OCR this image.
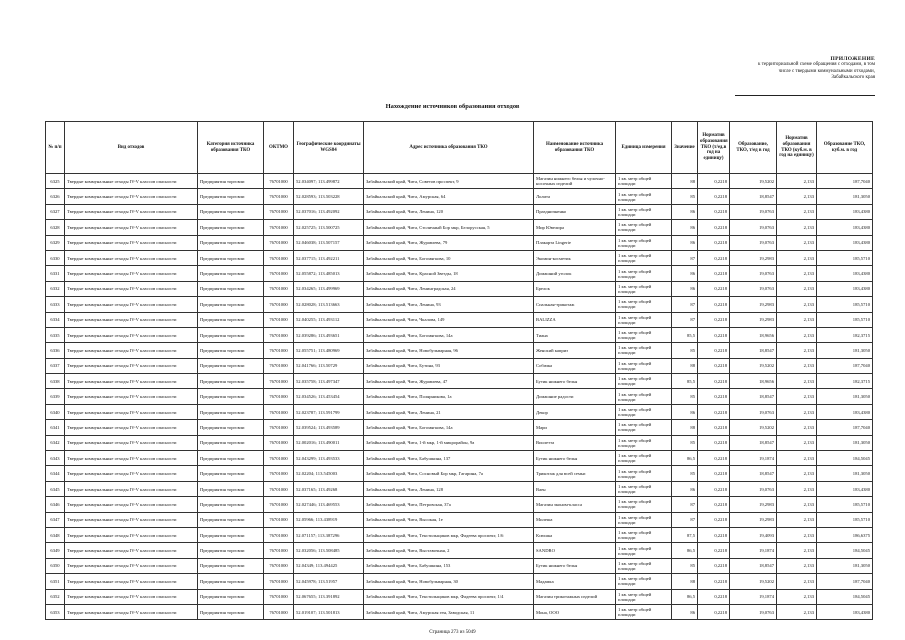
ПРИЛОЖЕНИЕ
к территориальной схеме обращения с отходами, в том
числе с твердыми коммунальными отходами,
Забайкальского края
Нахождение источников образования отходов
№ п/п	Вид отходов	Категория источника образования ТКО	ОКТМО	Географические координаты WGS84	Адрес источника образования ТКО	Наименование источника образования ТКО	Единица измерения	Значение	Норматив образования ТКО (т/ед.в год на единицу)	Образование, ТКО, т/ед в год	Норматив образования ТКО (куб.м. в год на единицу)	Образование ТКО, куб.м. в год
6325	Твердые коммунальные отходы IV-V классов опасности	Предприятия торговли	76701000	52.034097; 113.499872	Забайкальский край, Чита, Советов проспект, 9	Магазин нижнего белья и чулочно-носочных изделий	1 кв. метр общей площади	88	0,2218	19,5202	2,133	187,7040
6326	Твердые коммунальные отходы IV-V классов опасности	Предприятия торговли	76701000	52.028593; 113.503228	Забайкальский край, Чита, Амурская, 64	Лолита	1 кв. метр общей площади	85	0,2218	18,8547	2,133	181,3050
6327	Твердые коммунальные отходы IV-V классов опасности	Предприятия торговли	76701000	52.037016; 113.492092	Забайкальский край, Чита, Ленина, 120	Праздничненко	1 кв. метр общей площади	86	0,2218	19,0763	2,133	183,4380
6328	Твердые коммунальные отходы IV-V классов опасности	Предприятия торговли	76701000	52.025725; 113.500725	Забайкальский край, Чита, Столичный Бор мкр, Белорусская, 5	Мир Ювелира	1 кв. метр общей площади	86	0,2218	19,0763	2,133	183,4380
6329	Твердые коммунальные отходы IV-V классов опасности	Предприятия торговли	76701000	52.046038; 113.507157	Забайкальский край, Чита, Журавлева, 79	Плакарта Lingerie	1 кв. метр общей площади	86	0,2218	19,0763	2,133	183,4380
6330	Твердые коммунальные отходы IV-V классов опасности	Предприятия торговли	76701000	52.037715; 113.492211	Забайкальский край, Чита, Богомягкова, 10	Экомин-косметик	1 кв. метр общей площади	87	0,2218	19,2983	2,133	185,5710
6331	Твердые коммунальные отходы IV-V классов опасности	Предприятия торговли	76701000	52.055872; 113.485013	Забайкальский край, Чита, Красной Звезды, 18	Домашний уголок	1 кв. метр общей площади	86	0,2218	19,0763	2,133	183,4380
6332	Твердые коммунальные отходы IV-V классов опасности	Предприятия торговли	76701000	52.034265; 113.499969	Забайкальский край, Чита, Ленинградская, 24	Брелок	1 кв. метр общей площади	86	0,2218	19,0763	2,133	183,4380
6333	Твердые коммунальные отходы IV-V классов опасности	Предприятия торговли	76701000	52.028028; 113.513663	Забайкальский край, Чита, Ленина, 93	Спальная-трикотаж	1 кв. метр общей площади	87	0,2218	19,2983	2,133	185,5710
6334	Твердые коммунальные отходы IV-V классов опасности	Предприятия торговли	76701000	52.040255; 113.493112	Забайкальский край, Чита, Чкалова, 149	BALIZZA	1 кв. метр общей площади	87	0,2218	19,2983	2,133	185,5710
6335	Твердые коммунальные отходы IV-V классов опасности	Предприятия торговли	76701000	52.039286; 113.493651	Забайкальский край, Чита, Богомягкова, 14а	Тиана	1 кв. метр общей площади	85,5	0,2218	18,9656	2,133	182,3715
6336	Твердые коммунальные отходы IV-V классов опасности	Предприятия торговли	76701000	52.055751; 113.480969	Забайкальский край, Чита, Новобульварная, 96	Женский каприз	1 кв. метр общей площади	85	0,2218	18,8547	2,133	181,3050
6337	Твердые коммунальные отходы IV-V классов опасности	Предприятия торговли	76701000	52.041766; 113.50729	Забайкальский край, Чита, Бутина, 93	Собачка	1 кв. метр общей площади	88	0,2218	19,5202	2,133	187,7040
6338	Твердые коммунальные отходы IV-V классов опасности	Предприятия торговли	76701000	52.035758; 113.497347	Забайкальский край, Чита, Журавлева, 47	Бутик нижнего белья	1 кв. метр общей площади	85,5	0,2218	18,9656	2,133	182,3715
6339	Твердые коммунальные отходы IV-V классов опасности	Предприятия торговли	76701000	52.034526; 113.453454	Забайкальский край, Чита, Полярникова, 1а	Домашние радости	1 кв. метр общей площади	85	0,2218	18,8547	2,133	181,3050
6340	Твердые коммунальные отходы IV-V классов опасности	Предприятия торговли	76701000	52.023787; 113.591799	Забайкальский край, Чита, Ленина, 21	Декор	1 кв. метр общей площади	86	0,2218	19,0763	2,133	183,4380
6341	Твердые коммунальные отходы IV-V классов опасности	Предприятия торговли	76701000	52.039524; 113.493589	Забайкальский край, Чита, Богомягкова, 14а	Мари	1 кв. метр общей площади	88	0,2218	19,5202	2,133	187,7040
6342	Твердые коммунальные отходы IV-V классов опасности	Предприятия торговли	76701000	52.002016; 113.490011	Забайкальский край, Чита, 1-й мкр, 1-й микрорайон, 9а	Виолетта	1 кв. метр общей площади	85	0,2218	18,8547	2,133	181,3050
6343	Твердые коммунальные отходы IV-V классов опасности	Предприятия торговли	76701000	52.043299; 113.493533	Забайкальский край, Чита, Бабушкина, 137	Бутик нижнего белья	1 кв. метр общей площади	86,5	0,2218	19,1874	2,133	184,5045
6344	Твердые коммунальные отходы IV-V классов опасности	Предприятия торговли	76701000	52.02204; 113.545003	Забайкальский край, Чита, Сосновый Бор мкр, Гагарина, 7а	Трикотаж для всей семьи	1 кв. метр общей площади	85	0,2218	18,8547	2,133	181,3050
6345	Твердые коммунальные отходы IV-V классов опасности	Предприятия торговли	76701000	52.037165; 113.49268	Забайкальский край, Чита, Ленина, 128	Ваен	1 кв. метр общей площади	86	0,2218	19,0763	2,133	183,4380
6346	Твердые коммунальные отходы IV-V классов опасности	Предприятия торговли	76701000	52.027446; 113.469553	Забайкальский край, Чита, Петровская, 37а	Магазин эконом-класса	1 кв. метр общей площади	87	0,2218	19,2983	2,133	185,5710
6347	Твердые коммунальные отходы IV-V классов опасности	Предприятия торговли	76701000	52.05966; 113.438919	Забайкальский край, Чита, Высокая, 1е	Милеша	1 кв. метр общей площади	87	0,2218	19,2983	2,133	185,5710
6348	Твердые коммунальные отходы IV-V классов опасности	Предприятия торговли	76701000	52.071157; 113.387296	Забайкальский край, Чита, Текстильщиков мкр, Фадеева проспект, 1/6	Ксюшка	1 кв. метр общей площади	87,5	0,2218	19,4093	2,133	186,6375
6349	Твердые коммунальные отходы IV-V классов опасности	Предприятия торговли	76701000	52.032056; 113.508485	Забайкальский край, Чита, Выставочная, 2	SANDRO	1 кв. метр общей площади	86,5	0,2218	19,1874	2,133	184,5045
6350	Твердые коммунальные отходы IV-V классов опасности	Предприятия торговли	76701000	52.04349; 113.494425	Забайкальский край, Чита, Бабушкина, 153	Бутик нижнего белья	1 кв. метр общей площади	85	0,2218	18,8547	2,133	181,3050
6351	Твердые коммунальные отходы IV-V классов опасности	Предприятия торговли	76701000	52.045978; 113.51957	Забайкальский край, Чита, Новобульварная, 30	Мадамка	1 кв. метр общей площади	88	0,2218	19,5202	2,133	187,7040
6352	Твердые коммунальные отходы IV-V классов опасности	Предприятия торговли	76701000	52.067655; 113.391892	Забайкальский край, Чита, Текстильщиков мкр, Фадеева проспект, 1/4	Магазин трикотажных изделий	1 кв. метр общей площади	86,5	0,2218	19,1874	2,133	184,5045
6353	Твердые коммунальные отходы IV-V классов опасности	Предприятия торговли	76701000	52.019107; 113.501813	Забайкальский край, Чита, Амурская ген, Заводская, 11	Мона, ООО	1 кв. метр общей площади	86	0,2218	19,0763	2,133	183,4380
Страница 273 из 5049
